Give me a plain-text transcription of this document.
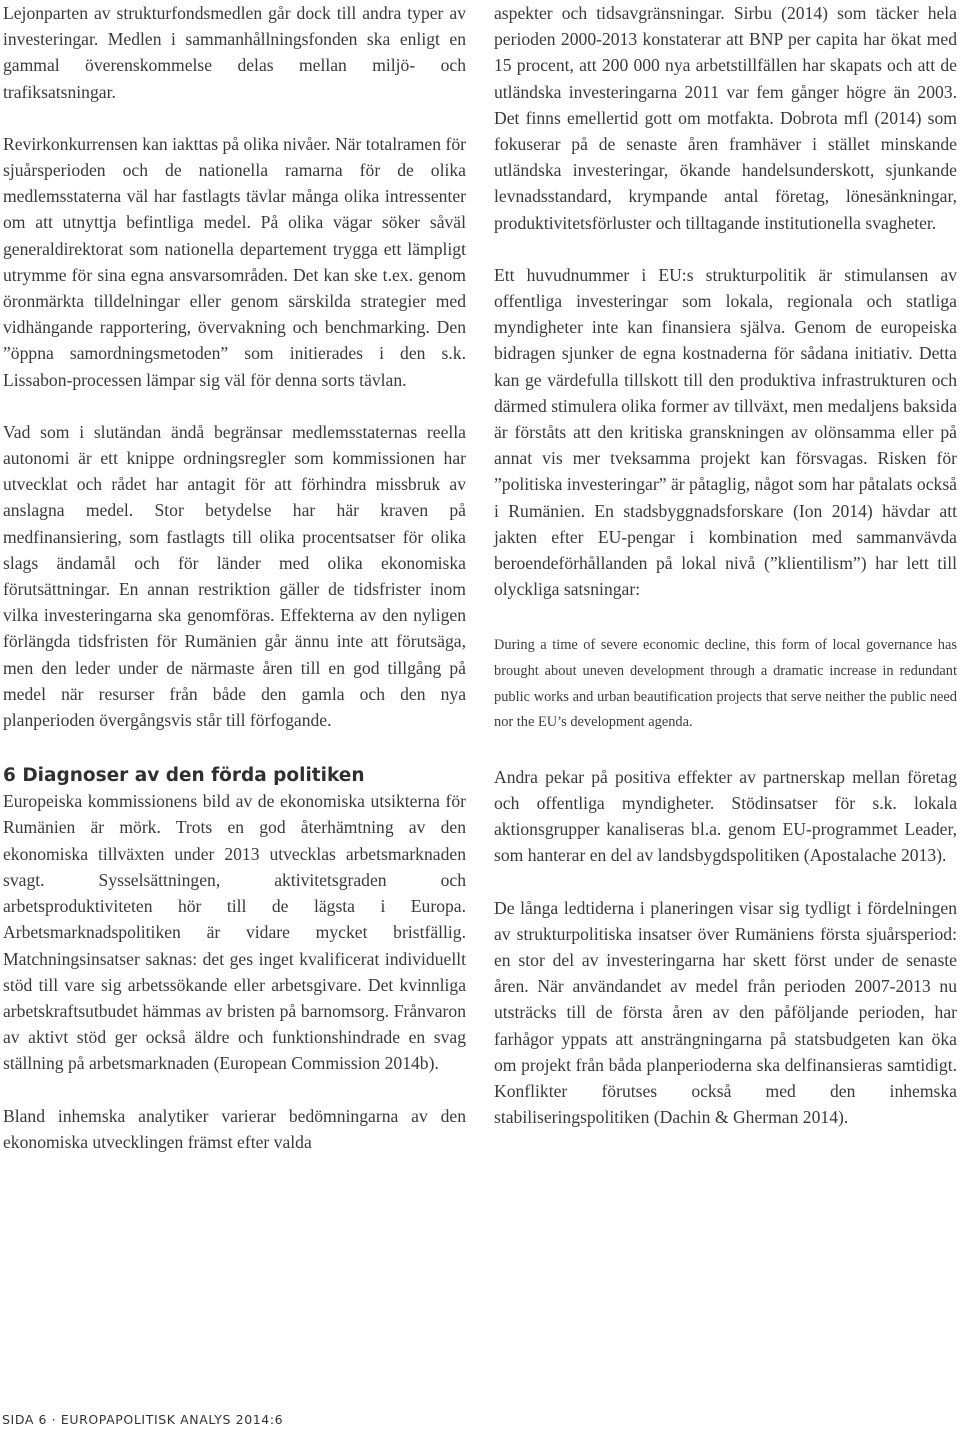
Lejonparten av strukturfondsmedlen går dock till andra typer av investeringar. Medlen i sammanhållningsfonden ska enligt en gammal överenskommelse delas mellan miljö- och trafiksatsningar.

Revirkonkurrensen kan iakttas på olika nivåer. När totalramen för sjuårsperioden och de nationella ramarna för de olika medlemsstaterna väl har fastlagts tävlar många olika intressenter om att utnyttja befintliga medel. På olika vägar söker såväl generaldirektorat som nationella departement trygga ett lämpligt utrymme för sina egna ansvarsområden. Det kan ske t.ex. genom öronmärkta tilldelningar eller genom särskilda strategier med vidhängande rapportering, övervakning och benchmarking. Den ”öppna samordningsmetoden” som initierades i den s.k. Lissabon-processen lämpar sig väl för denna sorts tävlan.

Vad som i slutändan ändå begränsar medlemsstaternas reella autonomi är ett knippe ordningsregler som kommissionen har utvecklat och rådet har antagit för att förhindra missbruk av anslagna medel. Stor betydelse har här kraven på medfinansiering, som fastlagts till olika procentsatser för olika slags ändamål och för länder med olika ekonomiska förutsättningar. En annan restriktion gäller de tidsfrister inom vilka investeringarna ska genomföras. Effekterna av den nyligen förlängda tidsfristen för Rumänien går ännu inte att förutsäga, men den leder under de närmaste åren till en god tillgång på medel när resurser från både den gamla och den nya planperioden övergångsvis står till förfogande.

6 Diagnoser av den förda politiken

Europeiska kommissionens bild av de ekonomiska utsikterna för Rumänien är mörk. Trots en god återhämtning av den ekonomiska tillväxten under 2013 utvecklas arbetsmarknaden svagt. Sysselsättningen, aktivitetsgraden och arbetsproduktiviteten hör till de lägsta i Europa. Arbetsmarknadspolitiken är vidare mycket bristfällig. Matchningsinsatser saknas: det ges inget kvalificerat individuellt stöd till vare sig arbetssökande eller arbetsgivare. Det kvinnliga arbetskraftsutbudet hämmas av bristen på barnomsorg. Frånvaron av aktivt stöd ger också äldre och funktionshindrade en svag ställning på arbetsmarknaden (European Commission 2014b).

Bland inhemska analytiker varierar bedömningarna av den ekonomiska utvecklingen främst efter valda

aspekter och tidsavgränsningar. Sirbu (2014) som täcker hela perioden 2000-2013 konstaterar att BNP per capita har ökat med 15 procent, att 200 000 nya arbetstillfällen har skapats och att de utländska investeringarna 2011 var fem gånger högre än 2003. Det finns emellertid gott om motfakta. Dobrota mfl (2014) som fokuserar på de senaste åren framhäver i stället minskande utländska investeringar, ökande handelsunderskott, sjunkande levnadsstandard, krympande antal företag, lönesänkningar, produktivitetsförluster och tilltagande institutionella svagheter.

Ett huvudnummer i EU:s strukturpolitik är stimulansen av offentliga investeringar som lokala, regionala och statliga myndigheter inte kan finansiera själva. Genom de europeiska bidragen sjunker de egna kostnaderna för sådana initiativ. Detta kan ge värdefulla tillskott till den produktiva infrastrukturen och därmed stimulera olika former av tillväxt, men medaljens baksida är förståts att den kritiska granskningen av olönsamma eller på annat vis mer tveksamma projekt kan försvagas. Risken för ”politiska investeringar” är påtaglig, något som har påtalats också i Rumänien. En stadsbyggnadsforskare (Ion 2014) hävdar att jakten efter EU-pengar i kombination med sammanvävda beroendeförhållanden på lokal nivå (”klientilism”) har lett till olyckliga satsningar:

During a time of severe economic decline, this form of local governance has brought about uneven development through a dramatic increase in redundant public works and urban beautification projects that serve neither the public need nor the EU’s development agenda.

Andra pekar på positiva effekter av partnerskap mellan företag och offentliga myndigheter. Stödinsatser för s.k. lokala aktionsgrupper kanaliseras bl.a. genom EU-programmet Leader, som hanterar en del av landsbygdspolitiken (Apostalache 2013).

De långa ledtiderna i planeringen visar sig tydligt i fördelningen av strukturpolitiska insatser över Rumäniens första sjuårsperiod: en stor del av investeringarna har skett först under de senaste åren. När användandet av medel från perioden 2007-2013 nu utsträcks till de första åren av den påföljande perioden, har farhågor yppats att ansträngningarna på statsbudgeten kan öka om projekt från båda planperioderna ska delfinansieras samtidigt. Konflikter förutses också med den inhemska stabiliseringspolitiken (Dachin & Gherman 2014).

SIDA 6 · EUROPAPOLITISK ANALYS 2014:6
